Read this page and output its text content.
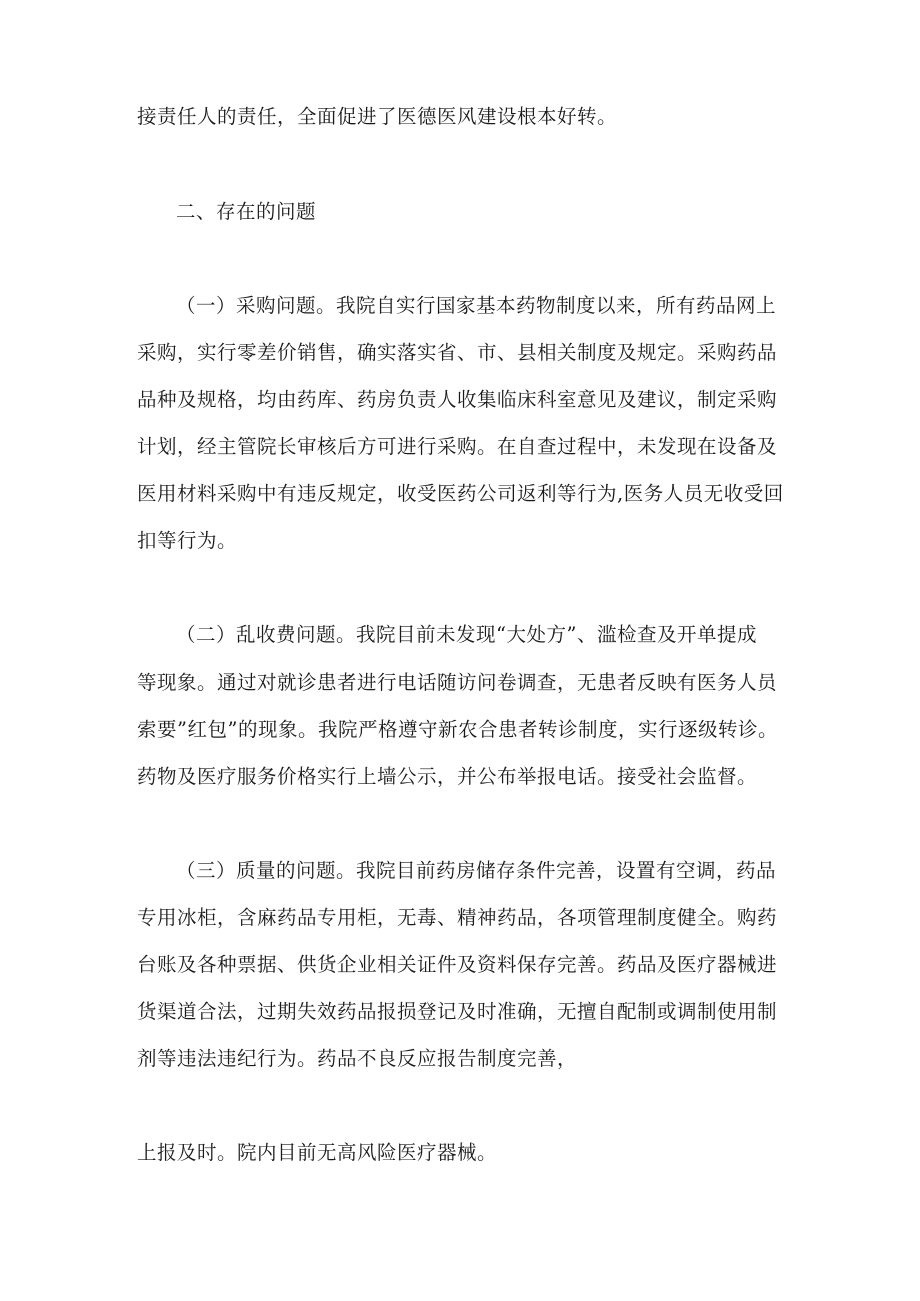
接责任人的责任，全面促进了医德医风建设根本好转。
二、存在的问题
（一）采购问题。我院自实行国家基本药物制度以来，所有药品网上
采购，实行零差价销售，确实落实省、市、县相关制度及规定。采购药品
品种及规格，均由药库、药房负责人收集临床科室意见及建议，制定采购
计划，经主管院长审核后方可进行采购。在自查过程中，未发现在设备及
医用材料采购中有违反规定，收受医药公司返利等行为,医务人员无收受回
扣等行为。
（二）乱收费问题。我院目前未发现“大处方”、滥检查及开单提成
等现象。通过对就诊患者进行电话随访问卷调查，无患者反映有医务人员
索要”红包”的现象。我院严格遵守新农合患者转诊制度，实行逐级转诊。
药物及医疗服务价格实行上墙公示，并公布举报电话。接受社会监督。
（三）质量的问题。我院目前药房储存条件完善，设置有空调，药品
专用冰柜，含麻药品专用柜，无毒、精神药品，各项管理制度健全。购药
台账及各种票据、供货企业相关证件及资料保存完善。药品及医疗器械进
货渠道合法，过期失效药品报损登记及时准确，无擅自配制或调制使用制
剂等违法违纪行为。药品不良反应报告制度完善，
上报及时。院内目前无高风险医疗器械。
